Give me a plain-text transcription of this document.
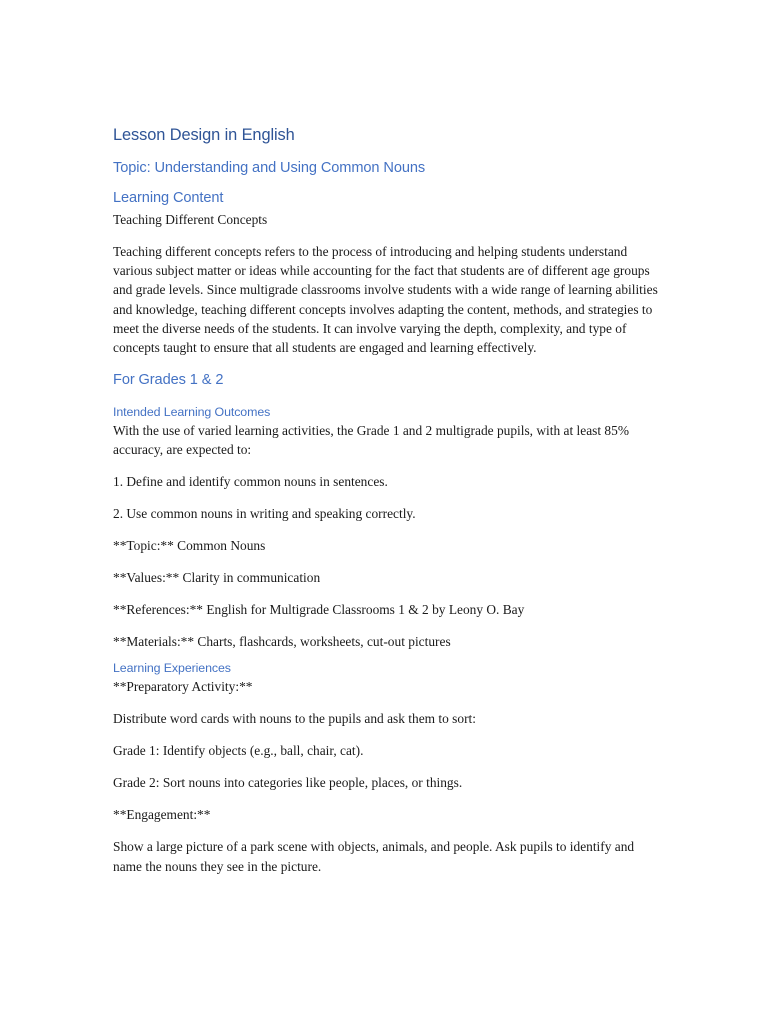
Lesson Design in English
Topic: Understanding and Using Common Nouns
Learning Content

Teaching Different Concepts

Teaching different concepts refers to the process of introducing and helping students understand various subject matter or ideas while accounting for the fact that students are of different age groups and grade levels. Since multigrade classrooms involve students with a wide range of learning abilities and knowledge, teaching different concepts involves adapting the content, methods, and strategies to meet the diverse needs of the students. It can involve varying the depth, complexity, and type of concepts taught to ensure that all students are engaged and learning effectively.

For Grades 1 & 2
Intended Learning Outcomes

With the use of varied learning activities, the Grade 1 and 2 multigrade pupils, with at least 85% accuracy, are expected to:

1. Define and identify common nouns in sentences.

2. Use common nouns in writing and speaking correctly.

**Topic:** Common Nouns

**Values:** Clarity in communication

**References:** English for Multigrade Classrooms 1 & 2 by Leony O. Bay

**Materials:** Charts, flashcards, worksheets, cut-out pictures

Learning Experiences

**Preparatory Activity:**

Distribute word cards with nouns to the pupils and ask them to sort:

Grade 1: Identify objects (e.g., ball, chair, cat).

Grade 2: Sort nouns into categories like people, places, or things.

**Engagement:**

Show a large picture of a park scene with objects, animals, and people. Ask pupils to identify and name the nouns they see in the picture.
